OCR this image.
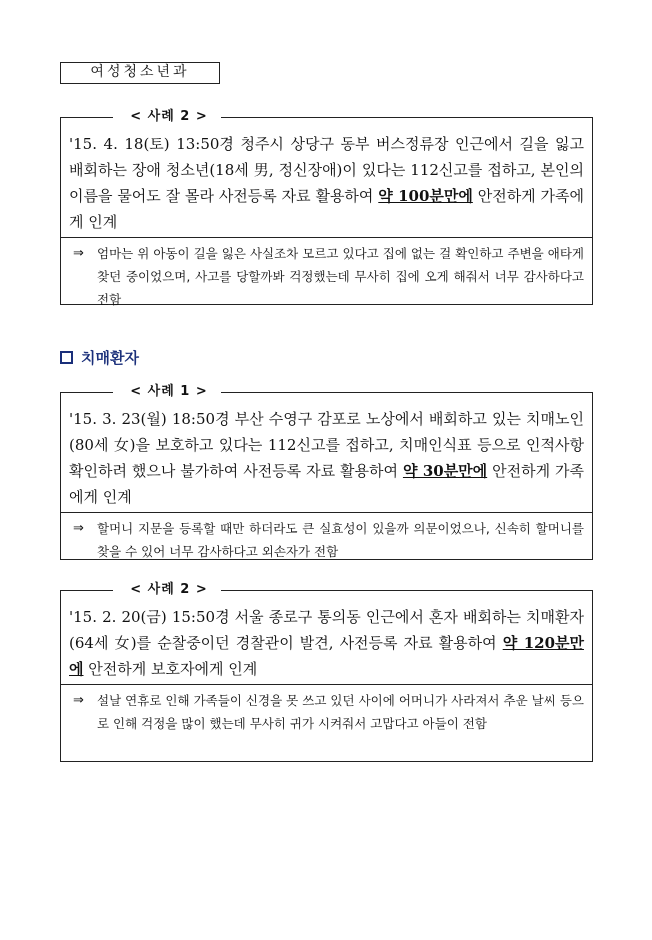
여성청소년과
< 사례 2 >
'15. 4. 18(토) 13:50경 청주시 상당구 동부 버스정류장 인근에서 길을 잃고 배회하는 장애 청소년(18세 男, 정신장애)이 있다는 112신고를 접하고, 본인의 이름을 물어도 잘 몰라 사전등록 자료 활용하여 약 100분만에 안전하게 가족에게 인계
⇒	엄마는 위 아동이 길을 잃은 사실조차 모르고 있다고 집에 없는 걸 확인하고 주변을 애타게 찾던 중이었으며, 사고를 당할까봐 걱정했는데 무사히 집에 오게 해줘서 너무 감사하다고 전함
치매환자
< 사례 1 >
'15. 3. 23(월) 18:50경 부산 수영구 감포로 노상에서 배회하고 있는 치매노인(80세 女)을 보호하고 있다는 112신고를 접하고, 치매인식표 등으로 인적사항 확인하려 했으나 불가하여 사전등록 자료 활용하여 약 30분만에 안전하게 가족에게 인계
⇒	할머니 지문을 등록할 때만 하더라도 큰 실효성이 있을까 의문이었으나, 신속히 할머니를 찾을 수 있어 너무 감사하다고 외손자가 전함
< 사례 2 >
'15. 2. 20(금) 15:50경 서울 종로구 통의동 인근에서 혼자 배회하는 치매환자(64세 女)를 순찰중이던 경찰관이 발견, 사전등록 자료 활용하여 약 120분만에 안전하게 보호자에게 인계
⇒	설날 연휴로 인해 가족들이 신경을 못 쓰고 있던 사이에 어머니가 사라져서 추운 날씨 등으로 인해 걱정을 많이 했는데 무사히 귀가 시켜줘서 고맙다고 아들이 전함
